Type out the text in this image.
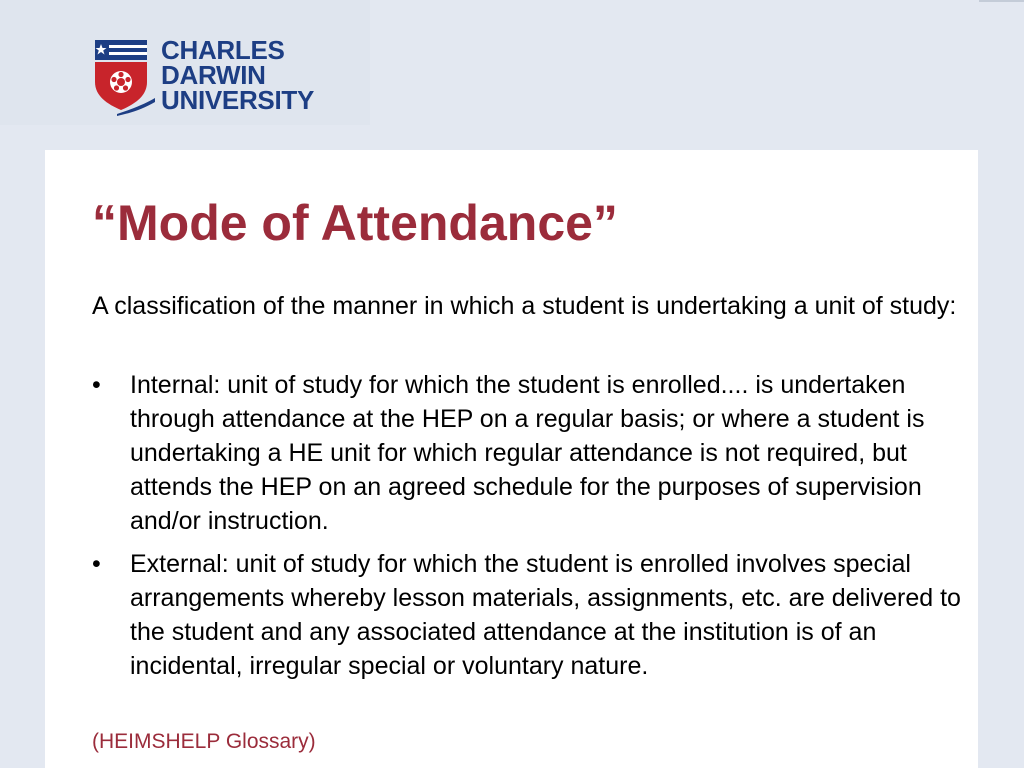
CHARLES
DARWIN
UNIVERSITY
“Mode of Attendance”

A classification of the manner in which a student is undertaking a unit of study:

•	Internal: unit of study for which the student is enrolled.... is undertaken through attendance at the HEP on a regular basis; or where a student is undertaking a HE unit for which regular attendance is not required, but attends the HEP on an agreed schedule for the purposes of supervision and/or instruction.
•	External: unit of study for which the student is enrolled involves special arrangements whereby lesson materials, assignments, etc. are delivered to the student and any associated attendance at the institution is of an incidental, irregular special or voluntary nature.

(HEIMSHELP Glossary)
